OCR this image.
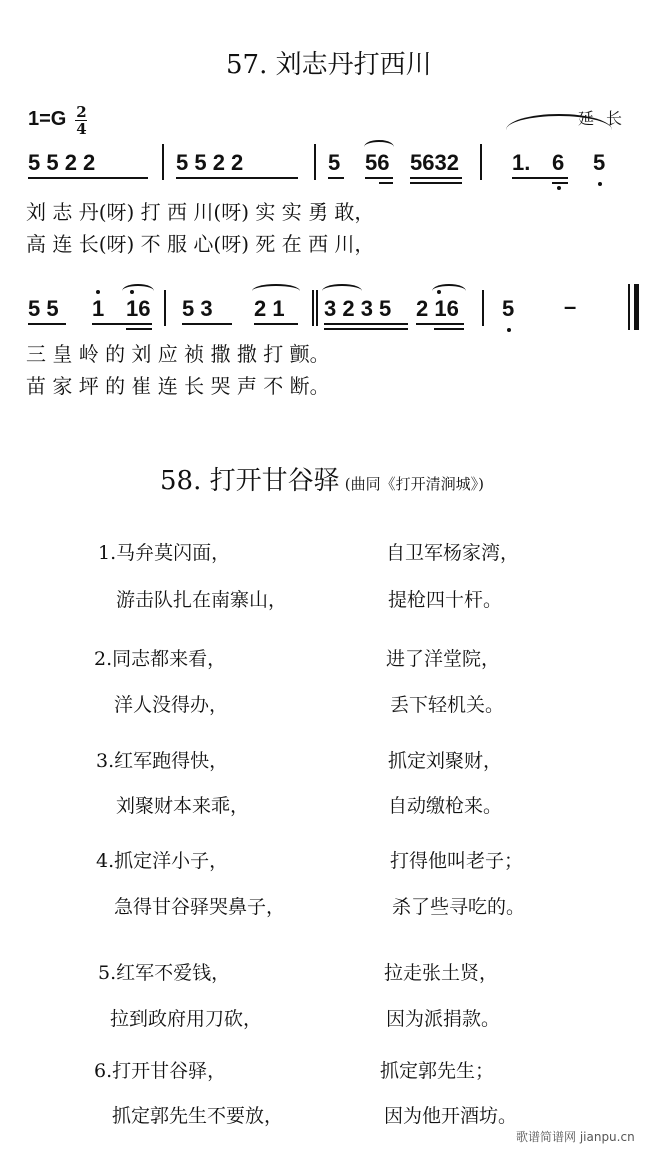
57. 刘志丹打西川
$1=G \frac{2}{4}$	延长
5 5 2 2	5 5 2 2	5 56 5632 1. 6 5
刘 志 丹(呀) 打 西 川(呀) 实 实 勇 敢，
高 连 长(呀) 不 服 心(呀) 死 在 西 川，
5 5 1 16 5 3 2 1 3 2 3 5 2 16 5 –
三 皇 岭 的 刘 应 祯 撒 撒 打 颤。
苗 家 坪 的 崔 连 长 哭 声 不 断。
58. 打开甘谷驿 (曲同《打开清涧城》)
1.马弁莫闪面，	自卫军杨家湾，
游击队扎在南寨山，	提枪四十杆。
2.同志都来看，	进了洋堂院，
洋人没得办，	丢下轻机关。
3.红军跑得快，	抓定刘聚财，
刘聚财本来乖，	自动缴枪来。
4.抓定洋小子，	打得他叫老子；
急得甘谷驿哭鼻子，	杀了些寻吃的。
5.红军不爱钱，	拉走张土贤，
拉到政府用刀砍，	因为派捐款。
6.打开甘谷驿，	抓定郭先生；
抓定郭先生不要放，	因为他开酒坊。
歌谱简谱网 jianpu.cn
